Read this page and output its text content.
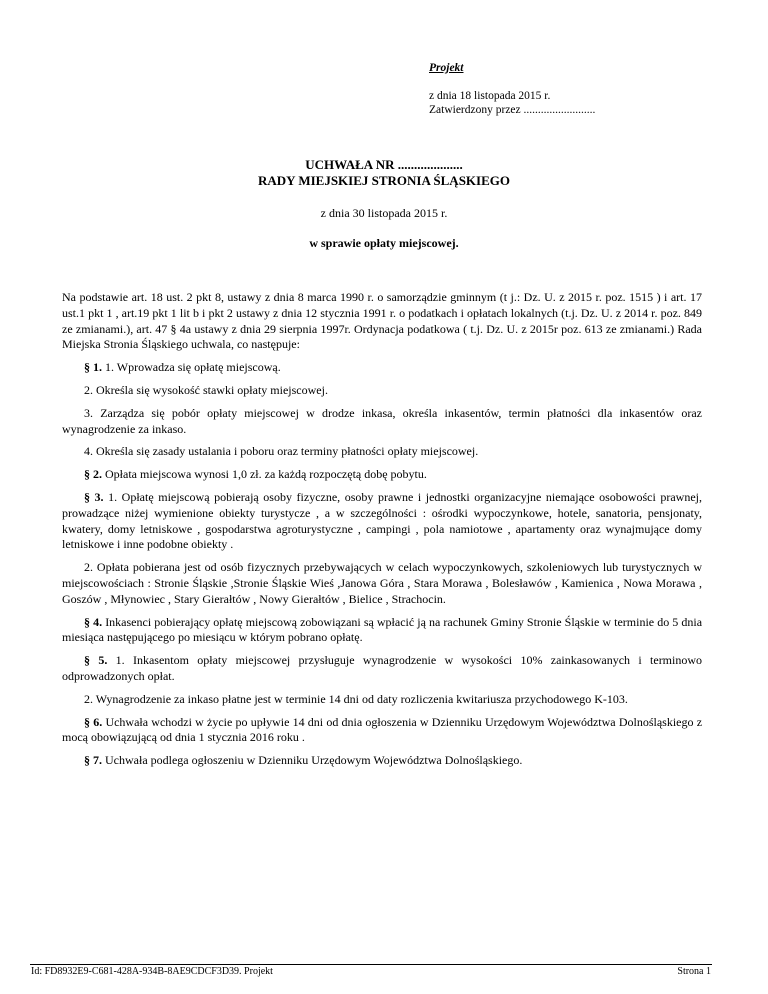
Projekt
z dnia 18 listopada 2015 r.
Zatwierdzony przez .........................
UCHWAŁA NR ....................
RADY MIEJSKIEJ STRONIA ŚLĄSKIEGO
z dnia 30 listopada 2015 r.
w sprawie opłaty miejscowej.

Na podstawie art. 18 ust. 2 pkt 8, ustawy z dnia 8 marca 1990 r. o samorządzie gminnym (t j.: Dz. U. z 2015 r. poz. 1515 ) i art. 17 ust.1 pkt 1 , art.19 pkt 1 lit b i pkt 2 ustawy z dnia 12 stycznia 1991 r. o podatkach i opłatach lokalnych (t.j. Dz. U. z 2014 r. poz. 849 ze zmianami.), art. 47 § 4a ustawy z dnia 29 sierpnia 1997r. Ordynacja podatkowa ( t.j. Dz. U. z 2015r poz. 613 ze zmianami.) Rada Miejska Stronia Śląskiego uchwala, co następuje:

§ 1. 1. Wprowadza się opłatę miejscową.

2. Określa się wysokość stawki opłaty miejscowej.

3. Zarządza się pobór opłaty miejscowej w drodze inkasa, określa inkasentów, termin płatności dla inkasentów oraz wynagrodzenie za inkaso.

4. Określa się zasady ustalania i poboru oraz terminy płatności opłaty miejscowej.

§ 2. Opłata miejscowa wynosi 1,0 zł. za każdą rozpoczętą dobę pobytu.

§ 3. 1. Opłatę miejscową pobierają osoby fizyczne, osoby prawne i jednostki organizacyjne niemające osobowości prawnej, prowadzące niżej wymienione obiekty turystycze , a w szczególności : ośrodki wypoczynkowe, hotele, sanatoria, pensjonaty, kwatery, domy letniskowe , gospodarstwa agroturystyczne , campingi , pola namiotowe , apartamenty oraz wynajmujące domy letniskowe i inne podobne obiekty .

2. Opłata pobierana jest od osób fizycznych przebywających w celach wypoczynkowych, szkoleniowych lub turystycznych w miejscowościach : Stronie Śląskie ,Stronie Śląskie Wieś ,Janowa Góra , Stara Morawa , Bolesławów , Kamienica , Nowa Morawa , Goszów , Młynowiec , Stary Gierałtów , Nowy Gierałtów , Bielice , Strachocin.

§ 4. Inkasenci pobierający opłatę miejscową zobowiązani są wpłacić ją na rachunek Gminy Stronie Śląskie w terminie do 5 dnia miesiąca następującego po miesiącu w którym pobrano opłatę.

§ 5. 1. Inkasentom opłaty miejscowej przysługuje wynagrodzenie w wysokości 10% zainkasowanych i terminowo odprowadzonych opłat.

2. Wynagrodzenie za inkaso płatne jest w terminie 14 dni od daty rozliczenia kwitariusza przychodowego K-103.

§ 6. Uchwała wchodzi w życie po upływie 14 dni od dnia ogłoszenia w Dzienniku Urzędowym Województwa Dolnośląskiego z mocą obowiązującą od dnia 1 stycznia 2016 roku .

§ 7. Uchwała podlega ogłoszeniu w Dzienniku Urzędowym Województwa Dolnośląskiego.

Id: FD8932E9-C681-428A-934B-8AE9CDCF3D39. Projekt	Strona 1
